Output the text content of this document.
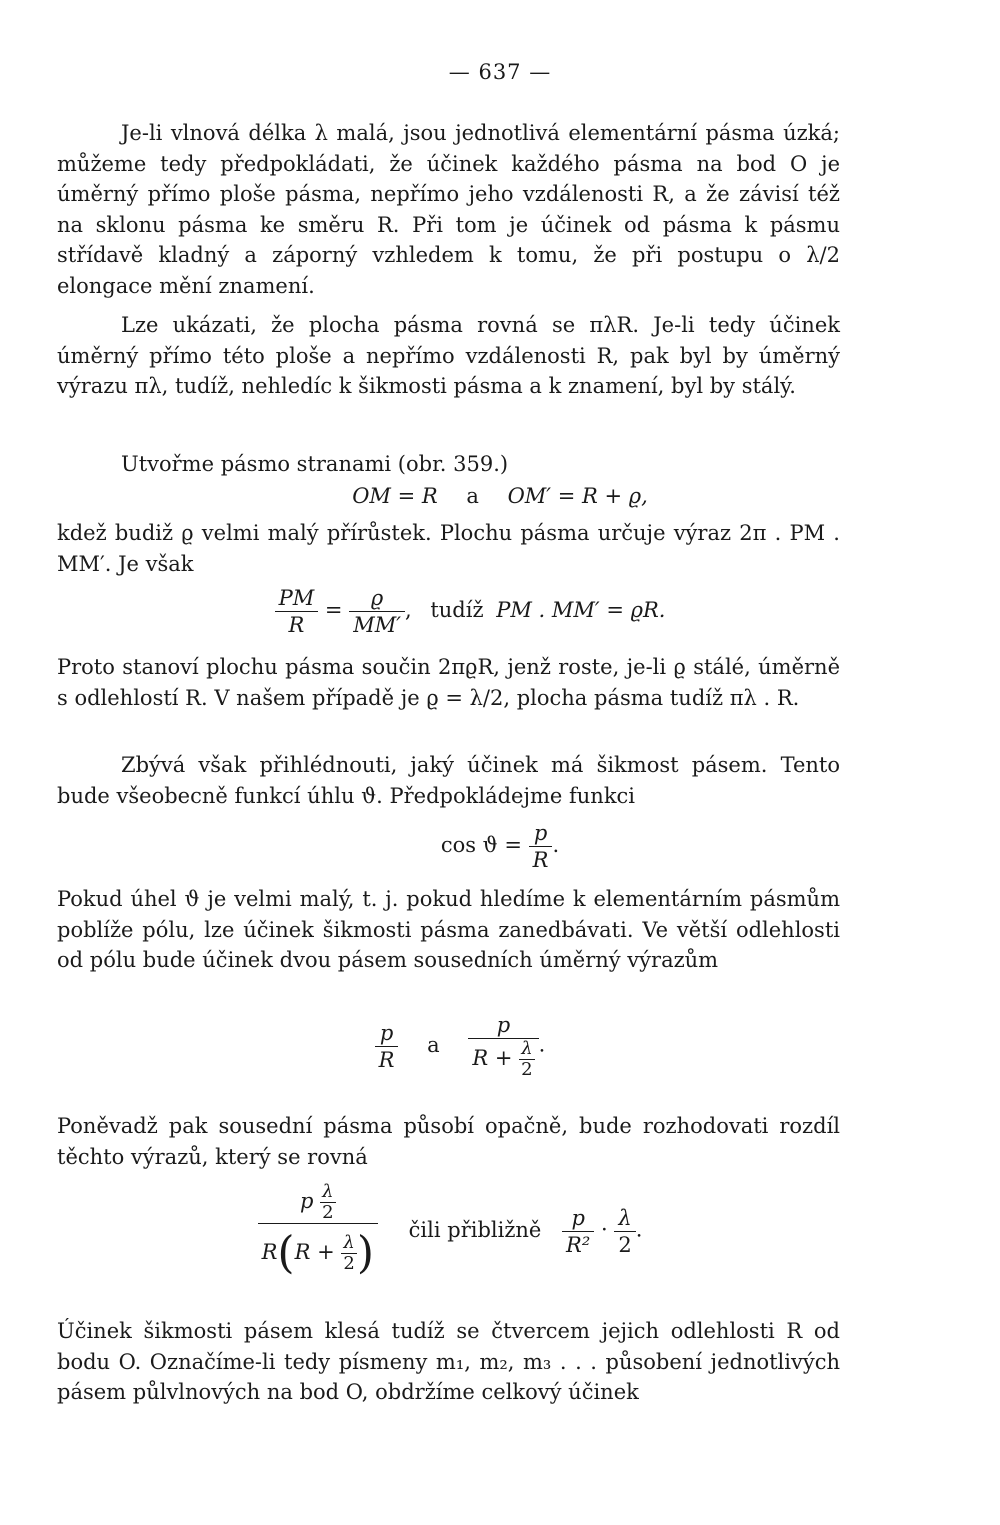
— 637 —
Je-li vlnová délka λ malá, jsou jednotlivá elementární pásma úzká; můžeme tedy předpokládati, že účinek každého pásma na bod O je úměrný přímo ploše pásma, nepřímo jeho vzdálenosti R, a že závisí též na sklonu pásma ke směru R. Při tom je účinek od pásma k pásmu střídavě kladný a záporný vzhledem k tomu, že při postupu o λ/2 elongace mění znamení.
Lze ukázati, že plocha pásma rovná se πλR. Je-li tedy účinek úměrný přímo této ploše a nepřímo vzdálenosti R, pak byl by úměrný výrazu πλ, tudíž, nehledíc k šikmosti pásma a k znamení, byl by stálý.
Utvořme pásmo stranami (obr. 359.)
OM = R a OM′ = R + ϱ,
kdež budiž ϱ velmi malý přírůstek. Plochu pásma určuje výraz 2π . PM . MM′. Je však
$\frac{PM}{R} = \frac{ϱ}{MM'}$ , tudíž PM . MM′ = ϱR.
Proto stanoví plochu pásma součin 2πϱR, jenž roste, je-li ϱ stálé, úměrně s odlehlostí R. V našem případě je ϱ = λ/2, plocha pásma tudíž πλ . R.
Zbývá však přihlédnouti, jaký účinek má šikmost pásem. Tento bude všeobecně funkcí úhlu ϑ. Předpokládejme funkci
$\cos ϑ = \frac{p}{R}$ .
Pokud úhel ϑ je velmi malý, t. j. pokud hledíme k elementárním pásmům poblíže pólu, lze účinek šikmosti pásma zanedbávati. Ve větší odlehlosti od pólu bude účinek dvou pásem sousedních úměrný výrazům
$\frac{p}{R}$ a $\frac{p}{R + \frac{\lambda}{2}}$ .
Poněvadž pak sousední pásma působí opačně, bude rozhodovati rozdíl těchto výrazů, který se rovná
$\frac{p \frac{\lambda}{2}}{R(R + \frac{\lambda}{2} )}$ čili přibližně $\frac{p}{\text{R²}} \cdot \frac{\lambda}{2}$ .
Účinek šikmosti pásem klesá tudíž se čtvercem jejich odlehlosti R od bodu O. Označíme-li tedy písmeny m₁, m₂, m₃ . . . působení jednotlivých pásem půlvlnových na bod O, obdržíme celkový účinek
